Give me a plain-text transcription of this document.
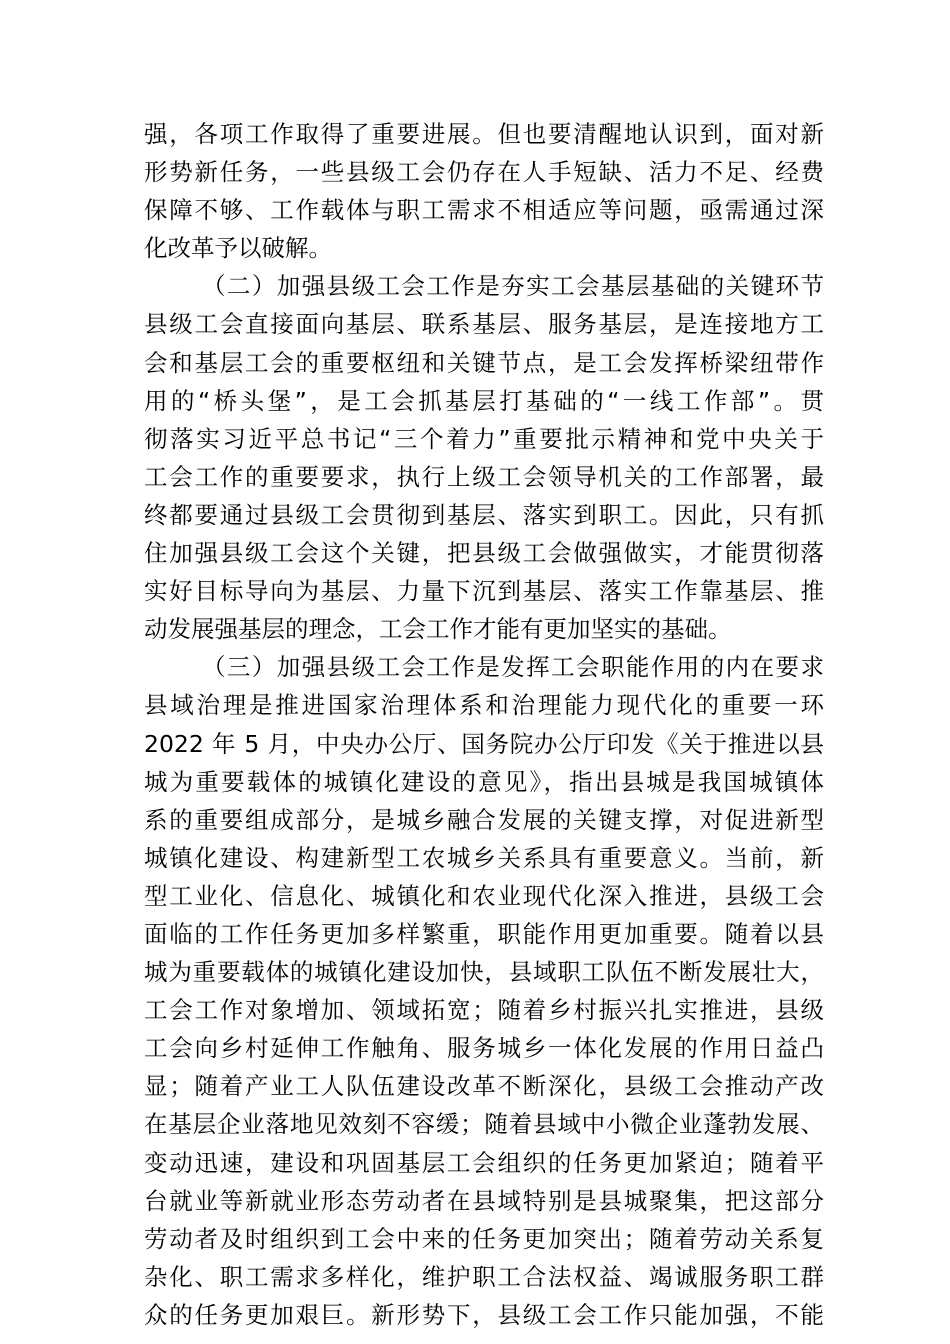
强，各项工作取得了重要进展。但也要清醒地认识到，面对新
形势新任务，一些县级工会仍存在人手短缺、活力不足、经费
保障不够、工作载体与职工需求不相适应等问题，亟需通过深
化改革予以破解。
（二）加强县级工会工作是夯实工会基层基础的关键环节
县级工会直接面向基层、联系基层、服务基层，是连接地方工
会和基层工会的重要枢纽和关键节点，是工会发挥桥梁纽带作
用的“桥头堡”，是工会抓基层打基础的“一线工作部”。贯
彻落实习近平总书记“三个着力”重要批示精神和党中央关于
工会工作的重要要求，执行上级工会领导机关的工作部署，最
终都要通过县级工会贯彻到基层、落实到职工。因此，只有抓
住加强县级工会这个关键，把县级工会做强做实，才能贯彻落
实好目标导向为基层、力量下沉到基层、落实工作靠基层、推
动发展强基层的理念，工会工作才能有更加坚实的基础。
（三）加强县级工会工作是发挥工会职能作用的内在要求
县域治理是推进国家治理体系和治理能力现代化的重要一环
2022 年 5 月，中央办公厅、国务院办公厅印发《关于推进以县
城为重要载体的城镇化建设的意见》，指出县城是我国城镇体
系的重要组成部分，是城乡融合发展的关键支撑，对促进新型
城镇化建设、构建新型工农城乡关系具有重要意义。当前，新
型工业化、信息化、城镇化和农业现代化深入推进，县级工会
面临的工作任务更加多样繁重，职能作用更加重要。随着以县
城为重要载体的城镇化建设加快，县域职工队伍不断发展壮大，
工会工作对象增加、领域拓宽；随着乡村振兴扎实推进，县级
工会向乡村延伸工作触角、服务城乡一体化发展的作用日益凸
显；随着产业工人队伍建设改革不断深化，县级工会推动产改
在基层企业落地见效刻不容缓；随着县域中小微企业蓬勃发展、
变动迅速，建设和巩固基层工会组织的任务更加紧迫；随着平
台就业等新就业形态劳动者在县域特别是县城聚集，把这部分
劳动者及时组织到工会中来的任务更加突出；随着劳动关系复
杂化、职工需求多样化，维护职工合法权益、竭诚服务职工群
众的任务更加艰巨。新形势下，县级工会工作只能加强，不能
